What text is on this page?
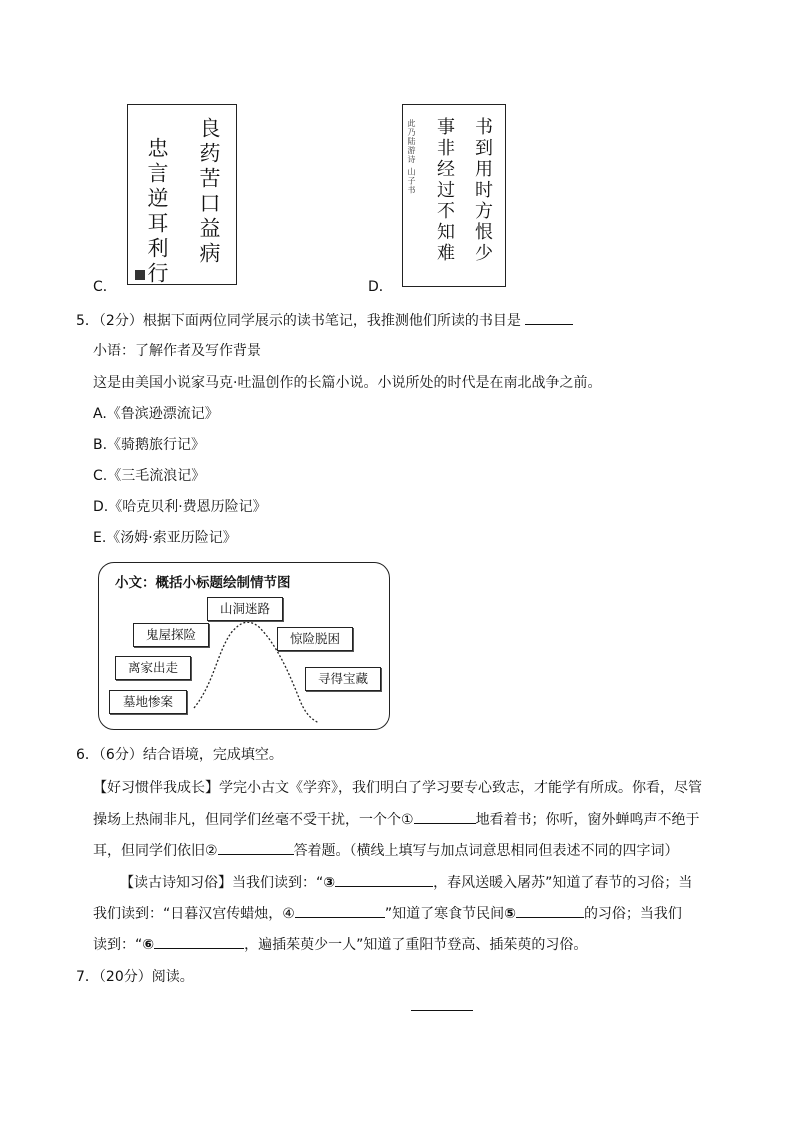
良药苦口益病
忠言逆耳利行
C．
书到用时方恨少
事非经过不知难
此乃陆游诗 山子书
D．
5．（2分）根据下面两位同学展示的读书笔记，我推测他们所读的书目是
小语：了解作者及写作背景
这是由美国小说家马克·吐温创作的长篇小说。小说所处的时代是在南北战争之前。
A.《鲁滨逊漂流记》
B.《骑鹅旅行记》
C.《三毛流浪记》
D.《哈克贝利·费恩历险记》
E.《汤姆·索亚历险记》
小文：概括小标题绘制情节图
山洞迷路
鬼屋探险	惊险脱困
离家出走
寻得宝藏
墓地惨案
6．（6分）结合语境，完成填空。
【好习惯伴我成长】学完小古文《学弈》，我们明白了学习要专心致志，才能学有所成。你看，尽管
操场上热闹非凡，但同学们丝毫不受干扰，一个个①	地看着书；你听，窗外蝉鸣声不绝于
耳，但同学们依旧②	答着题。（横线上填写与加点词意思相同但表述不同的四字词）
【读古诗知习俗】当我们读到：“③	，春风送暖入屠苏”知道了春节的习俗；当
我们读到：“日暮汉宫传蜡烛，④	”知道了寒食节民间⑤	的习俗；当我们
读到：“⑥	，遍插茱萸少一人”知道了重阳节登高、插茱萸的习俗。
7．（20分）阅读。
